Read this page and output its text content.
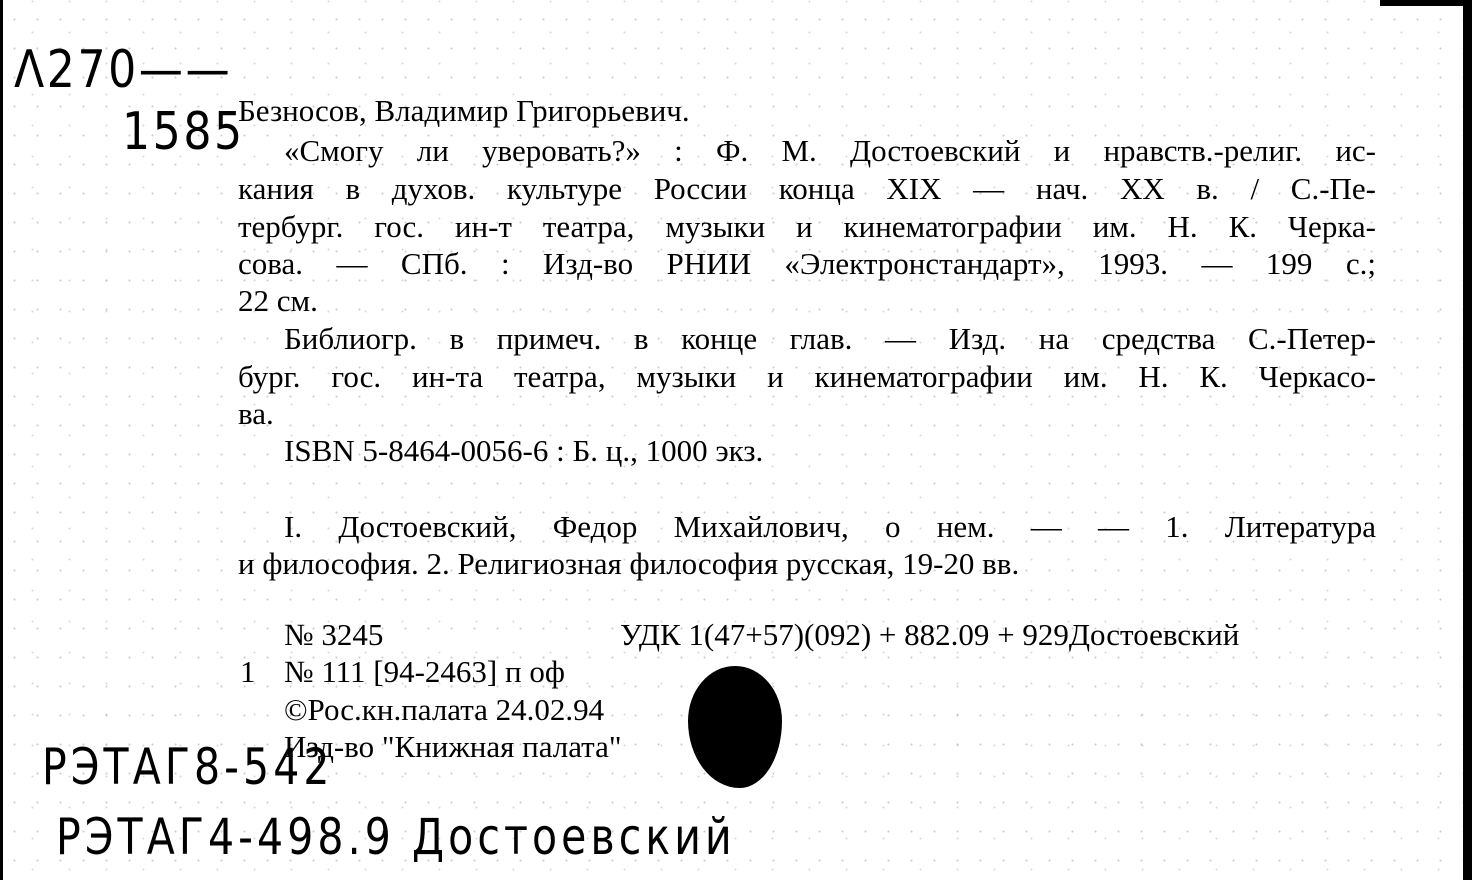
Λ270——
1585
РЭТАГ8-542
РЭТАГ4-498.9 Достоевский
Безносов, Владимир Григорьевич.
«Смогу ли уверовать?» : Ф. М. Достоевский и нравств.-религ. ис-
кания в духов. культуре России конца XIX — нач. XX в. / С.-Пе-
тербург. гос. ин-т театра, музыки и кинематографии им. Н. К. Черка-
сова. — СПб. : Изд-во РНИИ «Электронстандарт», 1993. — 199 с.;
22 см.
Библиогр. в примеч. в конце глав. — Изд. на средства С.-Петер-
бург. гос. ин-та театра, музыки и кинематографии им. Н. К. Черкасо-
ва.
ISBN 5-8464-0056-6 : Б. ц., 1000 экз.
I. Достоевский, Федор Михайлович, о нем. — — 1. Литература
и философия. 2. Религиозная философия русская, 19-20 вв.
№ 3245	УДК 1(47+57)(092) + 882.09 + 929Достоевский
1 № 111 [94-2463] п оф
©Рос.кн.палата 24.02.94
Изд-во "Книжная палата"
